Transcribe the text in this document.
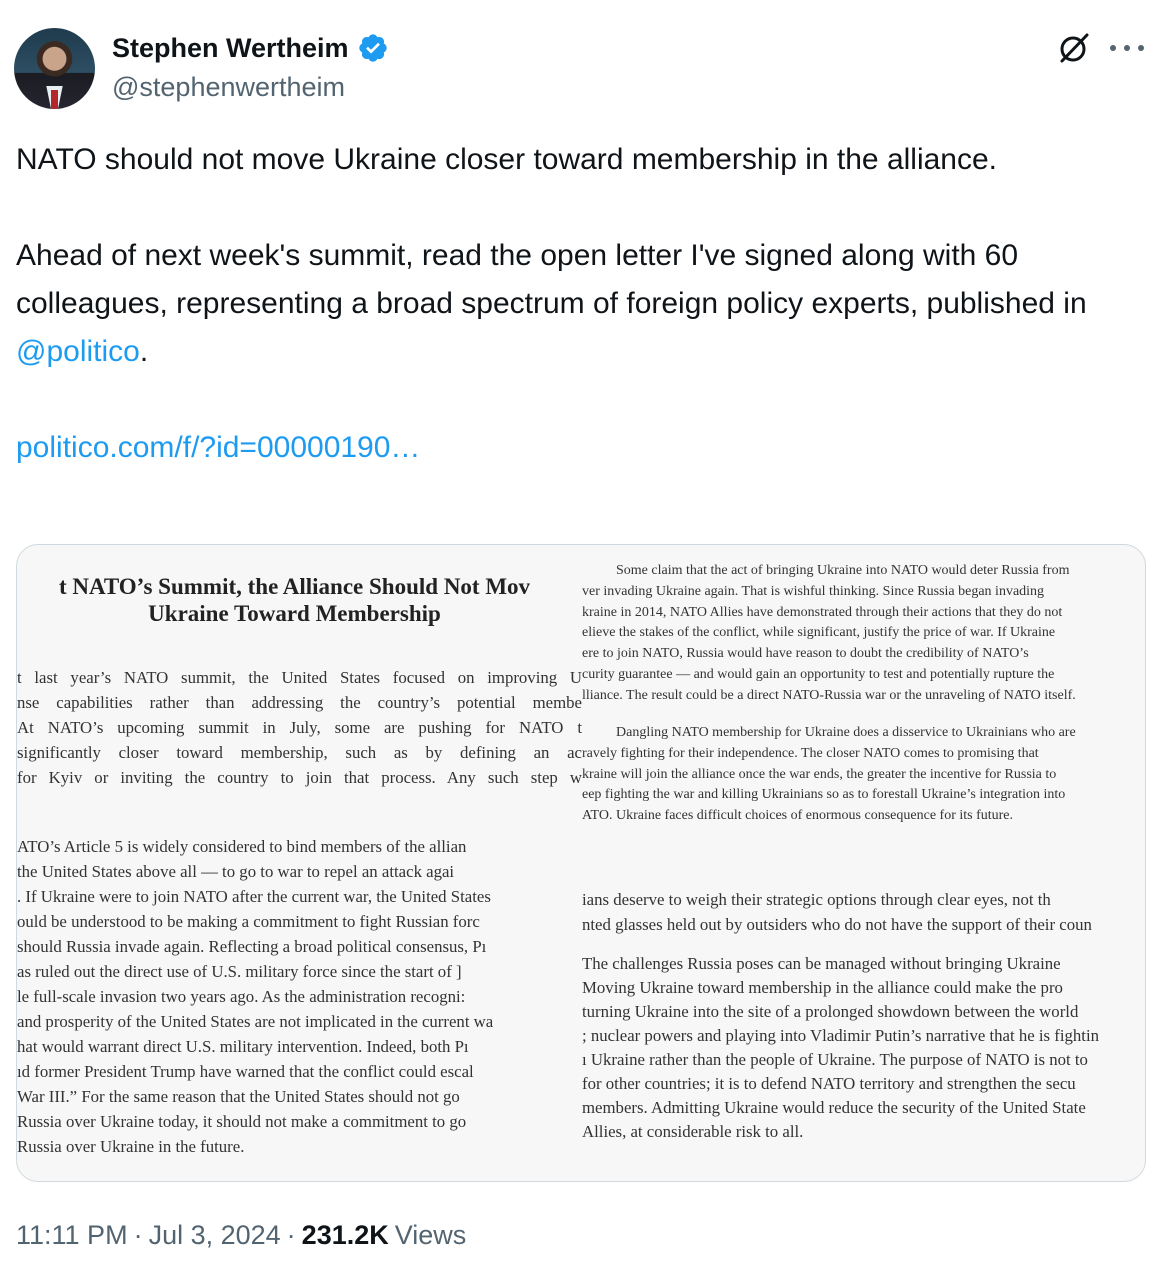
Stephen Wertheim
@stephenwertheim

NATO should not move Ukraine closer toward membership in the alliance.

Ahead of next week's summit, read the open letter I've signed along with 60 colleagues, representing a broad spectrum of foreign policy experts, published in @politico.

politico.com/f/?id=00000190…

t NATO’s Summit, the Alliance Should Not Mov
Ukraine Toward Membership
t last year’s NATO summit, the United States focused on improving U
nse capabilities rather than addressing the country’s potential membe
At NATO’s upcoming summit in July, some are pushing for NATO t
significantly closer toward membership, such as by defining an ac
for Kyiv or inviting the country to join that process. Any such step w
ATO’s Article 5 is widely considered to bind members of the allian
the United States above all — to go to war to repel an attack agai
. If Ukraine were to join NATO after the current war, the United States
ould be understood to be making a commitment to fight Russian forc
should Russia invade again. Reflecting a broad political consensus, Pı
as ruled out the direct use of U.S. military force since the start of ]
le full-scale invasion two years ago. As the administration recogni:
and prosperity of the United States are not implicated in the current wa
hat would warrant direct U.S. military intervention. Indeed, both Pı
ıd former President Trump have warned that the conflict could escal
War III.” For the same reason that the United States should not go
Russia over Ukraine today, it should not make a commitment to go
Russia over Ukraine in the future.
Some claim that the act of bringing Ukraine into NATO would deter Russia from
ver invading Ukraine again. That is wishful thinking. Since Russia began invading
kraine in 2014, NATO Allies have demonstrated through their actions that they do not
elieve the stakes of the conflict, while significant, justify the price of war. If Ukraine
ere to join NATO, Russia would have reason to doubt the credibility of NATO’s
curity guarantee — and would gain an opportunity to test and potentially rupture the
lliance. The result could be a direct NATO-Russia war or the unraveling of NATO itself.
Dangling NATO membership for Ukraine does a disservice to Ukrainians who are
ravely fighting for their independence. The closer NATO comes to promising that
kraine will join the alliance once the war ends, the greater the incentive for Russia to
eep fighting the war and killing Ukrainians so as to forestall Ukraine’s integration into
ATO. Ukraine faces difficult choices of enormous consequence for its future.
ians deserve to weigh their strategic options through clear eyes, not th
nted glasses held out by outsiders who do not have the support of their coun
The challenges Russia poses can be managed without bringing Ukraine
Moving Ukraine toward membership in the alliance could make the pro
turning Ukraine into the site of a prolonged showdown between the world
; nuclear powers and playing into Vladimir Putin’s narrative that he is fightin
ı Ukraine rather than the people of Ukraine. The purpose of NATO is not to
for other countries; it is to defend NATO territory and strengthen the secu
members. Admitting Ukraine would reduce the security of the United State
Allies, at considerable risk to all.
11:11 PM · Jul 3, 2024 · 231.2K Views
